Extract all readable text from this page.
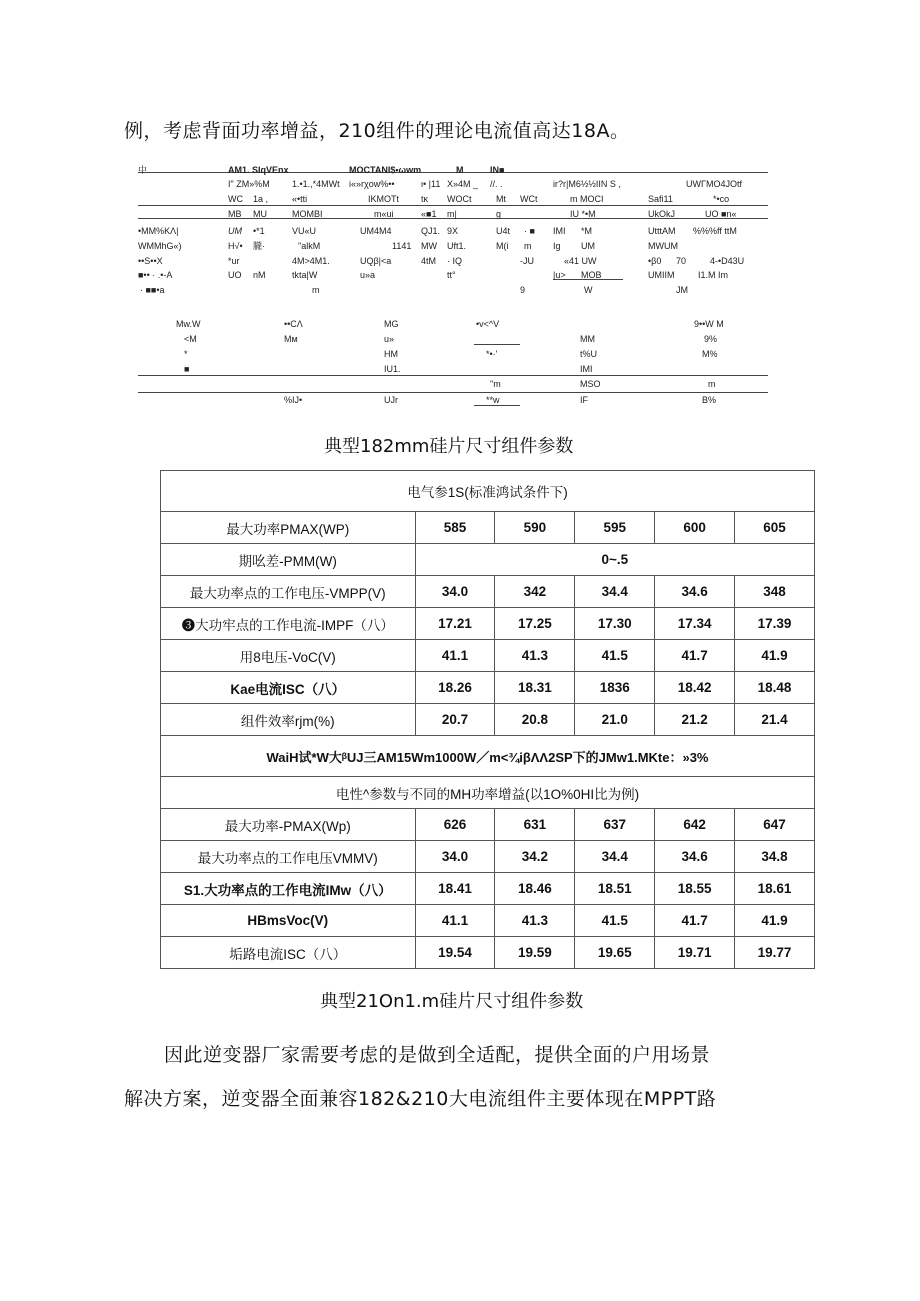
例，考虑背面功率增益，210组件的理论电流值高达18A。
中	AM1. SIqVEnx	MOCTANI$•ωwm	M	IN■
I" ZM»%M 1.•1.,*4MWt i«»rχow%••	ι• |11 X»4M _ //. .	ir?r|M6½½IIN S ,	UWΓMO4JOtf
WC 1a ,	«•tti	IKMOTt tκ WOCt	Mt WCt	m MOCI	Safi11	*•co
MB MU	MOMBI	m«ui	«■1 m|	g	IU *•M	UkOkJ	UO ■n«
•MM%KΛ|	UM •*1	VU«U	UM4M4	QJ1. 9X	U4t · ■ IMI *M	UtttAM %%%ff ttM
WMMhG«)	H√• 朧·	"alkM	1141 MW Uft1.	M(i m Ig UM	MWUM
••S••X	*ur	4M>4M1.	UQβ|<a	4tM · IQ	-JU	«41 UW	•β0 70	4-•D43U
■•• · .•-A	UO nM	tkta|W	u»a	tt°	|u> MOB	UMIIM	I1.M Im
· ■■•a	m	9	W	JM
Mw.W	••CΛ	MG	•v<^V	9••W M
<M	Mм	u»	MM	9%
*	HM	*•·'	t%U	M%
■	IU1.	IMI
"m	MSO	m
%IJ•	UJr	**w	IF	B%
典型182mm硅片尺寸组件参数
电气参1S(标准鸿试条件下)					
最大功率PMAX(WP)	585	590	595	600	605
期吆差-PMM(W)	0~.5				
最大功率点的工作电压-VMPP(V)	34.0	342	34.4	34.6	348
❸大功牢点的工作电流-IMPF（八）	17.21	17.25	17.30	17.34	17.39
用8电压-VoC(V)	41.1	41.3	41.5	41.7	41.9
Kae电流ISC（八）	18.26	18.31	1836	18.42	18.48
组件效率rjm(%)	20.7	20.8	21.0	21.2	21.4
WaiH试*W大ᵝUJ三AM15Wm1000W／m<¾iβΛΛ2SP下的JMw1.MKte：»3%					
电性^参数与不同的MH功率增益(以1O%0HI比为例)					
最大功率-PMAX(Wp)	626	631	637	642	647
最大功率点的工作电压VMMV)	34.0	34.2	34.4	34.6	34.8
S1.大功率点的工作电流IMw（八）	18.41	18.46	18.51	18.55	18.61
HBmsVoc(V)	41.1	41.3	41.5	41.7	41.9
垢路电流ISC（八）	19.54	19.59	19.65	19.71	19.77
典型21On1.m硅片尺寸组件参数
因此逆变器厂家需要考虑的是做到全适配，提供全面的户用场景
解决方案，逆变器全面兼容182&210大电流组件主要体现在MPPT路
